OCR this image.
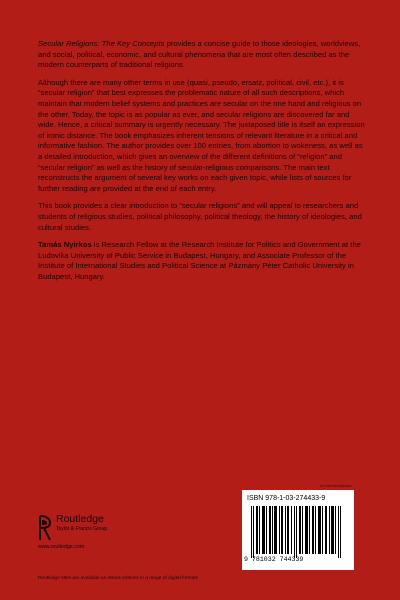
Secular Religions: The Key Concepts provides a concise guide to those ideologies, worldviews, and social, political, economic, and cultural phenomena that are most often described as the modern counterparts of traditional religions.

Although there are many other terms in use (quasi, pseudo, ersatz, political, civil, etc.), it is “secular religion” that best expresses the problematic nature of all such descriptions, which maintain that modern belief systems and practices are secular on the one hand and religious on the other. Today, the topic is as popular as ever, and secular religions are discovered far and wide. Hence, a critical summary is urgently necessary. The juxtaposed title is itself an expression of ironic distance. The book emphasizes inherent tensions of relevant literature in a critical and informative fashion. The author provides over 100 entries, from abortion to wokeness, as well as a detailed introduction, which gives an overview of the different definitions of “religion” and “secular religion” as well as the history of secular-religious comparisons. The main text reconstructs the argument of several key works on each given topic, while lists of sources for further reading are provided at the end of each entry.

This book provides a clear introduction to “secular religions” and will appeal to researchers and students of religious studies, political philosophy, political theology, the history of ideologies, and cultural studies.

Tamás Nyirkos is Research Fellow at the Research Institute for Politics and Government at the Ludovika University of Public Service in Budapest, Hungary, and Associate Professor of the Institute of International Studies and Political Science at Pázmány Péter Catholic University in Budapest, Hungary.

Routledge
Taylor & Francis Group
www.routledge.com
an informa business
ISBN 978-1-03-274433-9
9 781032 744339
Routledge titles are available as eBook editions in a range of digital formats
